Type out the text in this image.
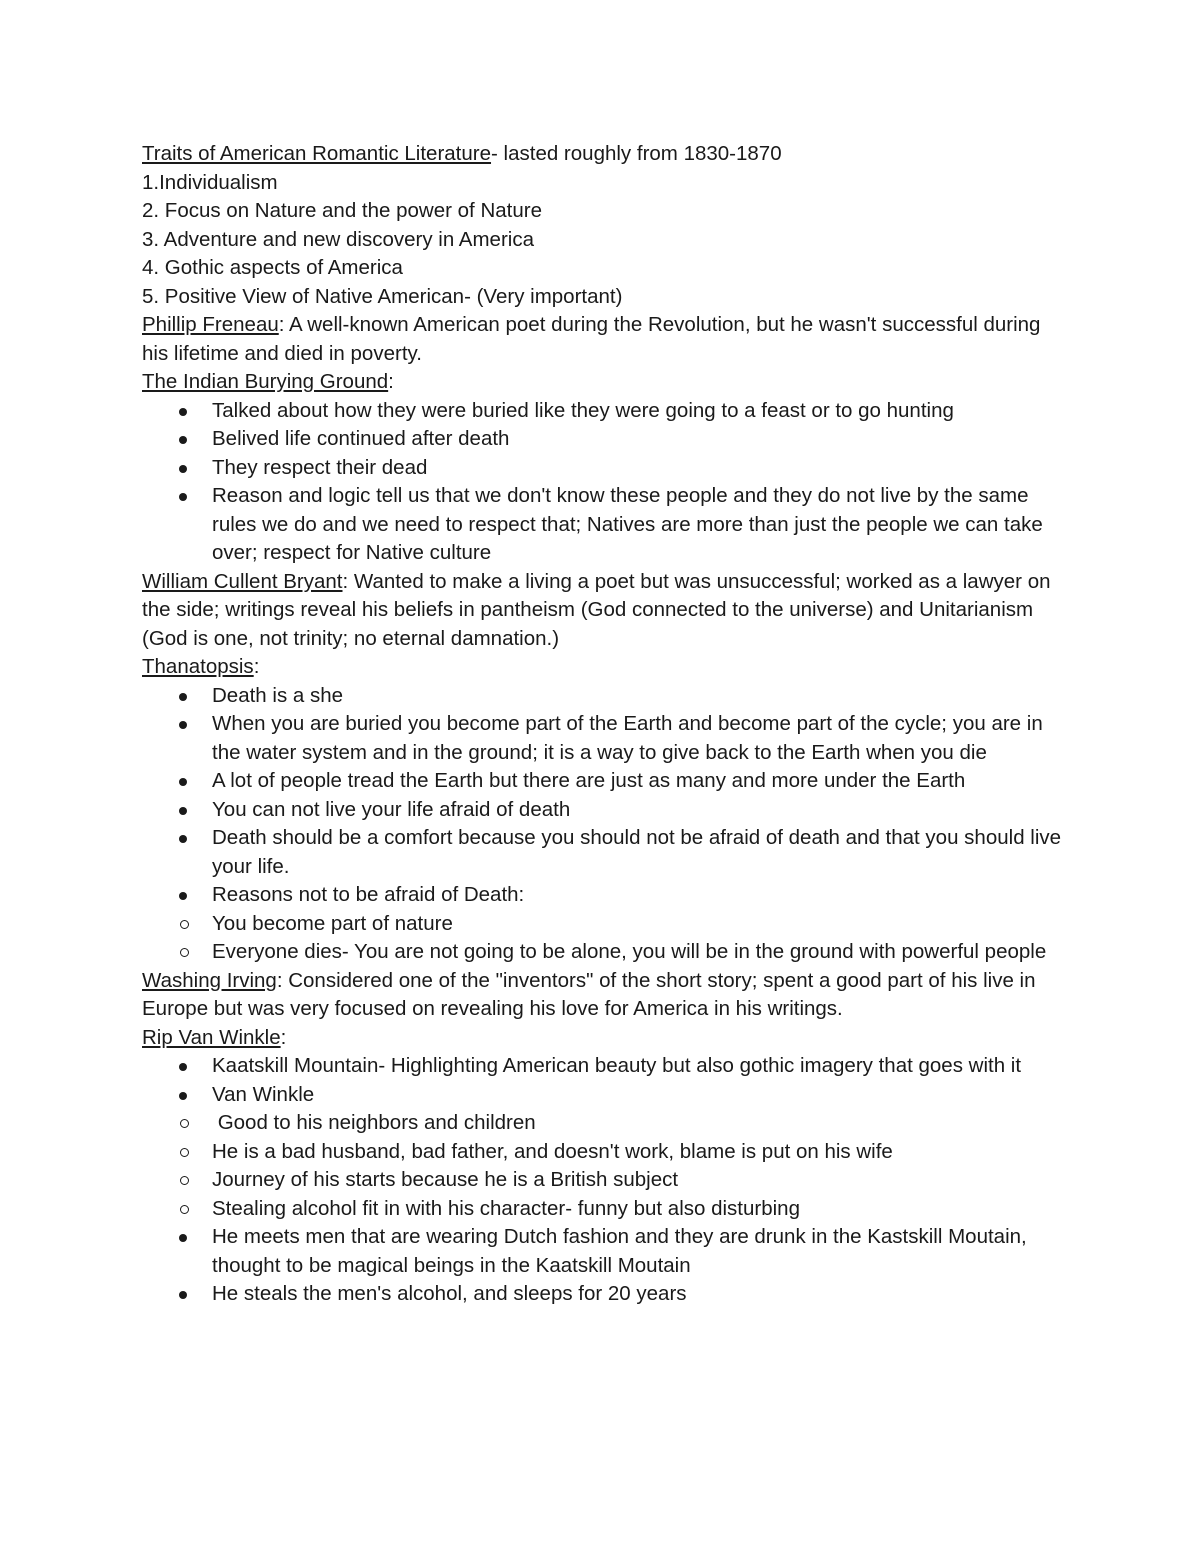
Traits of American Romantic Literature- lasted roughly from 1830-1870

1.Individualism

2. Focus on Nature and the power of Nature

3. Adventure and new discovery in America

4. Gothic aspects of America

5. Positive View of Native American- (Very important)

Phillip Freneau: A well-known American poet during the Revolution, but he wasn't successful during his lifetime and died in poverty.

The Indian Burying Ground:

Talked about how they were buried like they were going to a feast or to go hunting
Belived life continued after death
They respect their dead
Reason and logic tell us that we don't know these people and they do not live by the same rules we do and we need to respect that; Natives are more than just the people we can take over; respect for Native culture

William Cullent Bryant: Wanted to make a living a poet but was unsuccessful; worked as a lawyer on the side; writings reveal his beliefs in pantheism (God connected to the universe) and Unitarianism (God is one, not trinity; no eternal damnation.)

Thanatopsis:

Death is a she
When you are buried you become part of the Earth and become part of the cycle; you are in the water system and in the ground; it is a way to give back to the Earth when you die
A lot of people tread the Earth but there are just as many and more under the Earth
You can not live your life afraid of death
Death should be a comfort because you should not be afraid of death and that you should live your life.
Reasons not to be afraid of Death:
You become part of nature
Everyone dies- You are not going to be alone, you will be in the ground with powerful people

Washing Irving: Considered one of the "inventors" of the short story; spent a good part of his live in Europe but was very focused on revealing his love for America in his writings.

Rip Van Winkle:

Kaatskill Mountain- Highlighting American beauty but also gothic imagery that goes with it
Van Winkle
Good to his neighbors and children
He is a bad husband, bad father, and doesn't work, blame is put on his wife
Journey of his starts because he is a British subject
Stealing alcohol fit in with his character- funny but also disturbing
He meets men that are wearing Dutch fashion and they are drunk in the Kastskill Moutain, thought to be magical beings in the Kaatskill Moutain
He steals the men's alcohol, and sleeps for 20 years
